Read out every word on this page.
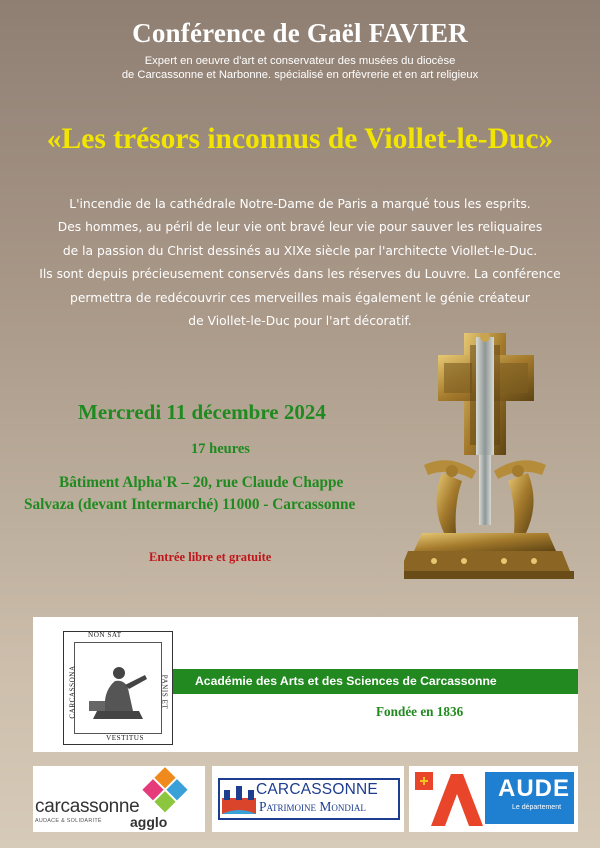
Conférence de Gaël FAVIER
Expert en oeuvre d'art et conservateur des musées du diocèse
de Carcassonne et Narbonne. spécialisé en orfèvrerie et en art religieux
«Les trésors inconnus de Viollet-le-Duc»
L'incendie de la cathédrale Notre-Dame de Paris a marqué tous les esprits.
Des hommes, au péril de leur vie ont bravé leur vie pour sauver les reliquaires
de la passion du Christ dessinés au XIXe siècle par l'architecte Viollet-le-Duc.
Ils sont depuis précieusement conservés dans les réserves du Louvre. La conférence
permettra de redécouvrir ces merveilles mais également le génie créateur
de Viollet-le-Duc pour l'art décoratif.
Mercredi 11 décembre 2024
17 heures
Bâtiment Alpha'R – 20, rue Claude Chappe
Salvaza (devant Intermarché) 11000 - Carcassonne
Entrée libre et gratuite
Académie des Arts et des Sciences de Carcassonne
Fondée en 1836
NON SAT
VESTITUS
CARCASSONA	PANIS ET
carcassonne
AUDACE & SOLIDARITÉ agglo
CARCASSONNE
Patrimoine Mondial
AUDE
Le département
